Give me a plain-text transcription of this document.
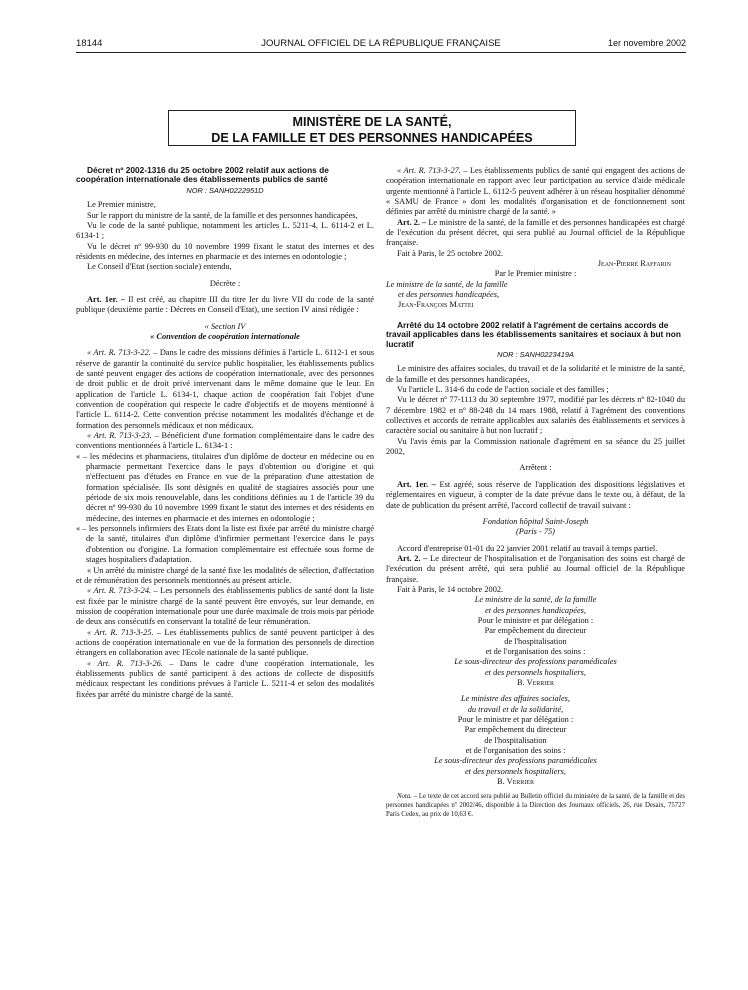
18144	JOURNAL OFFICIEL DE LA RÉPUBLIQUE FRANÇAISE	1er novembre 2002
MINISTÈRE DE LA SANTÉ,
DE LA FAMILLE ET DES PERSONNES HANDICAPÉES

Décret nº 2002-1316 du 25 octobre 2002 relatif aux actions de coopération internationale des établissements publics de santé

NOR : SANH0222951D

Le Premier ministre,

Sur le rapport du ministre de la santé, de la famille et des personnes handicapées,

Vu le code de la santé publique, notamment les articles L. 5211-4, L. 6114-2 et L. 6134-1 ;

Vu le décret nº 99-930 du 10 novembre 1999 fixant le statut des internes et des résidents en médecine, des internes en pharmacie et des internes en odontologie ;

Le Conseil d'Etat (section sociale) entendu,

Décrète :

Art. 1er. – Il est créé, au chapitre III du titre Ier du livre VII du code de la santé publique (deuxième partie : Décrets en Conseil d'Etat), une section IV ainsi rédigée :

« Section IV

« Convention de coopération internationale

« Art. R. 713-3-22. – Dans le cadre des missions définies à l'article L. 6112-1 et sous réserve de garantir la continuité du service public hospitalier, les établissements publics de santé peuvent engager des actions de coopération internationale, avec des personnes de droit public et de droit privé intervenant dans le même domaine que le leur. En application de l'article L. 6134-1, chaque action de coopération fait l'objet d'une convention de coopération qui respecte le cadre d'objectifs et de moyens mentionné à l'article L. 6114-2. Cette convention précise notamment les modalités d'échange et de formation des personnels médicaux et non médicaux.

« Art. R. 713-3-23. – Bénéficient d'une formation complémentaire dans le cadre des conventions mentionnées à l'article L. 6134-1 :

« – les médecins et pharmaciens, titulaires d'un diplôme de docteur en médecine ou en pharmacie permettant l'exercice dans le pays d'obtention ou d'origine et qui n'effectuent pas d'études en France en vue de la préparation d'une attestation de formation spécialisée. Ils sont désignés en qualité de stagiaires associés pour une période de six mois renouvelable, dans les conditions définies au 1 de l'article 39 du décret nº 99-930 du 10 novembre 1999 fixant le statut des internes et des résidents en médecine, des internes en pharmacie et des internes en odontologie ;

« – les personnels infirmiers des Etats dont la liste est fixée par arrêté du ministre chargé de la santé, titulaires d'un diplôme d'infirmier permettant l'exercice dans le pays d'obtention ou d'origine. La formation complémentaire est effectuée sous forme de stages hospitaliers d'adaptation.

« Un arrêté du ministre chargé de la santé fixe les modalités de sélection, d'affectation et de rémunération des personnels mentionnés au présent article.

« Art. R. 713-3-24. – Les personnels des établissements publics de santé dont la liste est fixée par le ministre chargé de la santé peuvent être envoyés, sur leur demande, en mission de coopération internationale pour une durée maximale de trois mois par période de deux ans consécutifs en conservant la totalité de leur rémunération.

« Art. R. 713-3-25. – Les établissements publics de santé peuvent participer à des actions de coopération internationale en vue de la formation des personnels de direction étrangers en collaboration avec l'Ecole nationale de la santé publique.

« Art. R. 713-3-26. – Dans le cadre d'une coopération internationale, les établissements publics de santé participent à des actions de collecte de dispositifs médicaux respectant les conditions prévues à l'article L. 5211-4 et selon des modalités fixées par arrêté du ministre chargé de la santé.

« Art. R. 713-3-27. – Les établissements publics de santé qui engagent des actions de coopération internationale en rapport avec leur participation au service d'aide médicale urgente mentionné à l'article L. 6112-5 peuvent adhérer à un réseau hospitalier dénommé « SAMU de France » dont les modalités d'organisation et de fonctionnement sont définies par arrêté du ministre chargé de la santé. »

Art. 2. – Le ministre de la santé, de la famille et des personnes handicapées est chargé de l'exécution du présent décret, qui sera publié au Journal officiel de la République française.

Fait à Paris, le 25 octobre 2002.

Jean-Pierre Raffarin

Par le Premier ministre :

Le ministre de la santé, de la famille

et des personnes handicapées,

Jean-François Mattei

Arrêté du 14 octobre 2002 relatif à l'agrément de certains accords de travail applicables dans les établissements sanitaires et sociaux à but non lucratif

NOR : SANH0223419A

Le ministre des affaires sociales, du travail et de la solidarité et le ministre de la santé, de la famille et des personnes handicapées,

Vu l'article L. 314-6 du code de l'action sociale et des familles ;

Vu le décret nº 77-1113 du 30 septembre 1977, modifié par les décrets nº 82-1040 du 7 décembre 1982 et nº 88-248 du 14 mars 1988, relatif à l'agrément des conventions collectives et accords de retraite applicables aux salariés des établissements et services à caractère social ou sanitaire à but non lucratif ;

Vu l'avis émis par la Commission nationale d'agrément en sa séance du 25 juillet 2002,

Arrêtent :

Art. 1er. – Est agréé, sous réserve de l'application des dispositions législatives et réglementaires en vigueur, à compter de la date prévue dans le texte ou, à défaut, de la date de publication du présent arrêté, l'accord collectif de travail suivant :

Fondation hôpital Saint-Joseph

(Paris - 75)

Accord d'entreprise 01-01 du 22 janvier 2001 relatif au travail à temps partiel.

Art. 2. – Le directeur de l'hospitalisation et de l'organisation des soins est chargé de l'exécution du présent arrêté, qui sera publié au Journal officiel de la République française.

Fait à Paris, le 14 octobre 2002.

Le ministre de la santé, de la famille

et des personnes handicapées,

Pour le ministre et par délégation :

Par empêchement du directeur

de l'hospitalisation

et de l'organisation des soins :

Le sous-directeur des professions paramédicales

et des personnels hospitaliers,

B. Verrier

Le ministre des affaires sociales,

du travail et de la solidarité,

Pour le ministre et par délégation :

Par empêchement du directeur

de l'hospitalisation

et de l'organisation des soins :

Le sous-directeur des professions paramédicales

et des personnels hospitaliers,

B. Verrier

Nota. – Le texte de cet accord sera publié au Bulletin officiel du ministère de la santé, de la famille et des personnes handicapées nº 2002/46, disponible à la Direction des Journaux officiels, 26, rue Desaix, 75727 Paris Cedex, au prix de 10,63 €.
